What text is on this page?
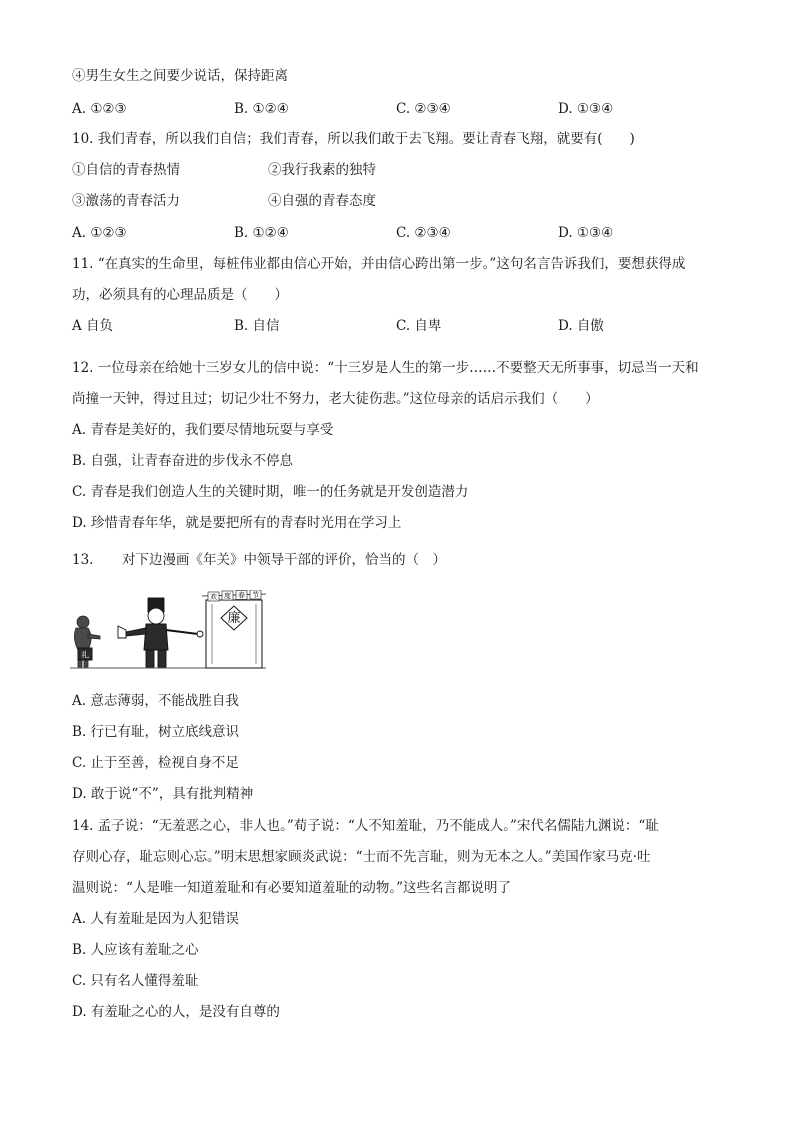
④男生女生之间要少说话，保持距离
A. ①②③	B. ①②④	C. ②③④	D. ①③④
10. 我们青春，所以我们自信；我们青春，所以我们敢于去飞翔。要让青春飞翔，就要有(　　)
①自信的青春热情	②我行我素的独特
③激荡的青春活力	④自强的青春态度
A. ①②③	B. ①②④	C. ②③④	D. ①③④
11. “在真实的生命里，每桩伟业都由信心开始，并由信心跨出第一步。”这句名言告诉我们，要想获得成
功，必须具有的心理品质是（　　）
A 自负	B. 自信	C. 自卑	D. 自傲
12. 一位母亲在给她十三岁女儿的信中说：“十三岁是人生的第一步……不要整天无所事事，切忌当一天和
尚撞一天钟，得过且过；切记少壮不努力，老大徒伤悲。”这位母亲的话启示我们（　　）
A. 青春是美好的，我们要尽情地玩耍与享受
B. 自强，让青春奋进的步伐永不停息
C. 青春是我们创造人生的关键时期，唯一的任务就是开发创造潜力
D. 珍惜青春年华，就是要把所有的青春时光用在学习上
13. 对下边漫画《年关》中领导干部的评价，恰当的（　）
礼
廉
欢 度 春 节
A. 意志薄弱，不能战胜自我
B. 行已有耻，树立底线意识
C. 止于至善，检视自身不足
D. 敢于说“不”，具有批判精神
14. 孟子说：“无羞恶之心，非人也。”荀子说：“人不知羞耻，乃不能成人。”宋代名儒陆九渊说：“耻
存则心存，耻忘则心忘。”明末思想家顾炎武说：“士而不先言耻，则为无本之人。”美国作家马克·吐
温则说：“人是唯一知道羞耻和有必要知道羞耻的动物。”这些名言都说明了
A. 人有羞耻是因为人犯错误
B. 人应该有羞耻之心
C. 只有名人懂得羞耻
D. 有羞耻之心的人，是没有自尊的
